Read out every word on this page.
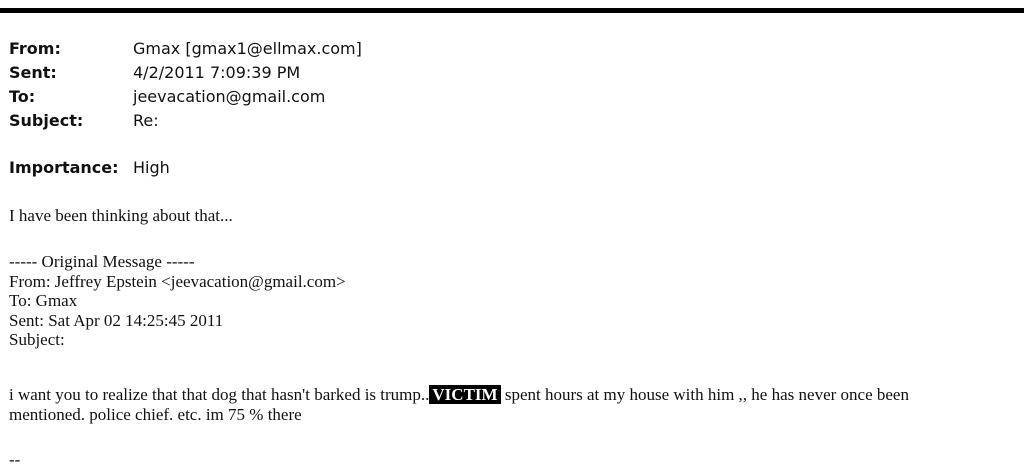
From:	Gmax [gmax1@ellmax.com]
Sent:	4/2/2011 7:09:39 PM
To:	jeevacation@gmail.com
Subject:	Re:
Importance: High
I have been thinking about that...
----- Original Message -----
From: Jeffrey Epstein <jeevacation@gmail.com>
To: Gmax
Sent: Sat Apr 02 14:25:45 2011
Subject:
i want you to realize that that dog that hasn't barked is trump.. VICTIM spent hours at my house with him ,, he has never once been
mentioned. police chief. etc. im 75 % there
--
